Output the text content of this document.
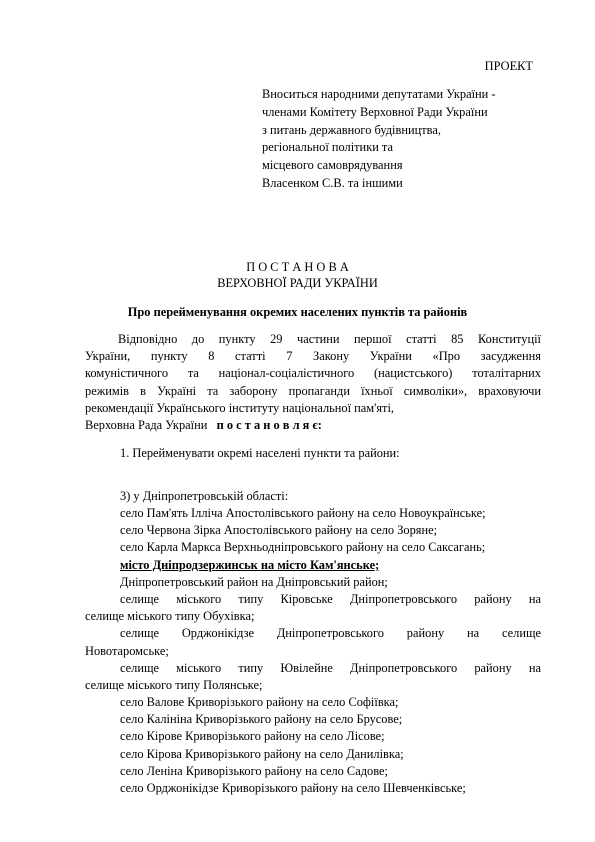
ПРОЕКТ
Вноситься народними депутатами України -
членами Комітету Верховної Ради України
з питань державного будівництва,
регіональної політики та
місцевого самоврядування
Власенком С.В. та іншими
П О С Т А Н О В А
ВЕРХОВНОЇ РАДИ УКРАЇНИ
Про перейменування окремих населених пунктів та районів
Відповідно до пункту 29 частини першої статті 85 Конституції
України, пункту 8 статті 7 Закону України «Про засудження
комуністичного та націонал-соціалістичного (нацистського) тоталітарних
режимів в Україні та заборону пропаганди їхньої символіки», враховуючи
рекомендації Українського інституту національної пам'яті,
Верховна Рада України п о с т а н о в л я є:
1. Перейменувати окремі населені пункти та райони:
3) у Дніпропетровській області:
село Пам'ять Ілліча Апостолівського району на село Новоукраїнське;
село Червона Зірка Апостолівського району на село Зоряне;
село Карла Маркса Верхньодніпровського району на село Саксагань;
місто Дніпродзержинськ на місто Кам'янське;
Дніпропетровський район на Дніпровський район;
селище міського типу Кіровське Дніпропетровського району на
селище міського типу Обухівка;
селище Орджонікідзе Дніпропетровського району на селище
Новотаромське;
селище міського типу Ювілейне Дніпропетровського району на
селище міського типу Полянське;
село Валове Криворізького району на село Софіївка;
село Калініна Криворізького району на село Брусове;
село Кірове Криворізького району на село Лісове;
село Кірова Криворізького району на село Данилівка;
село Леніна Криворізького району на село Садове;
село Орджонікідзе Криворізького району на село Шевченківське;
